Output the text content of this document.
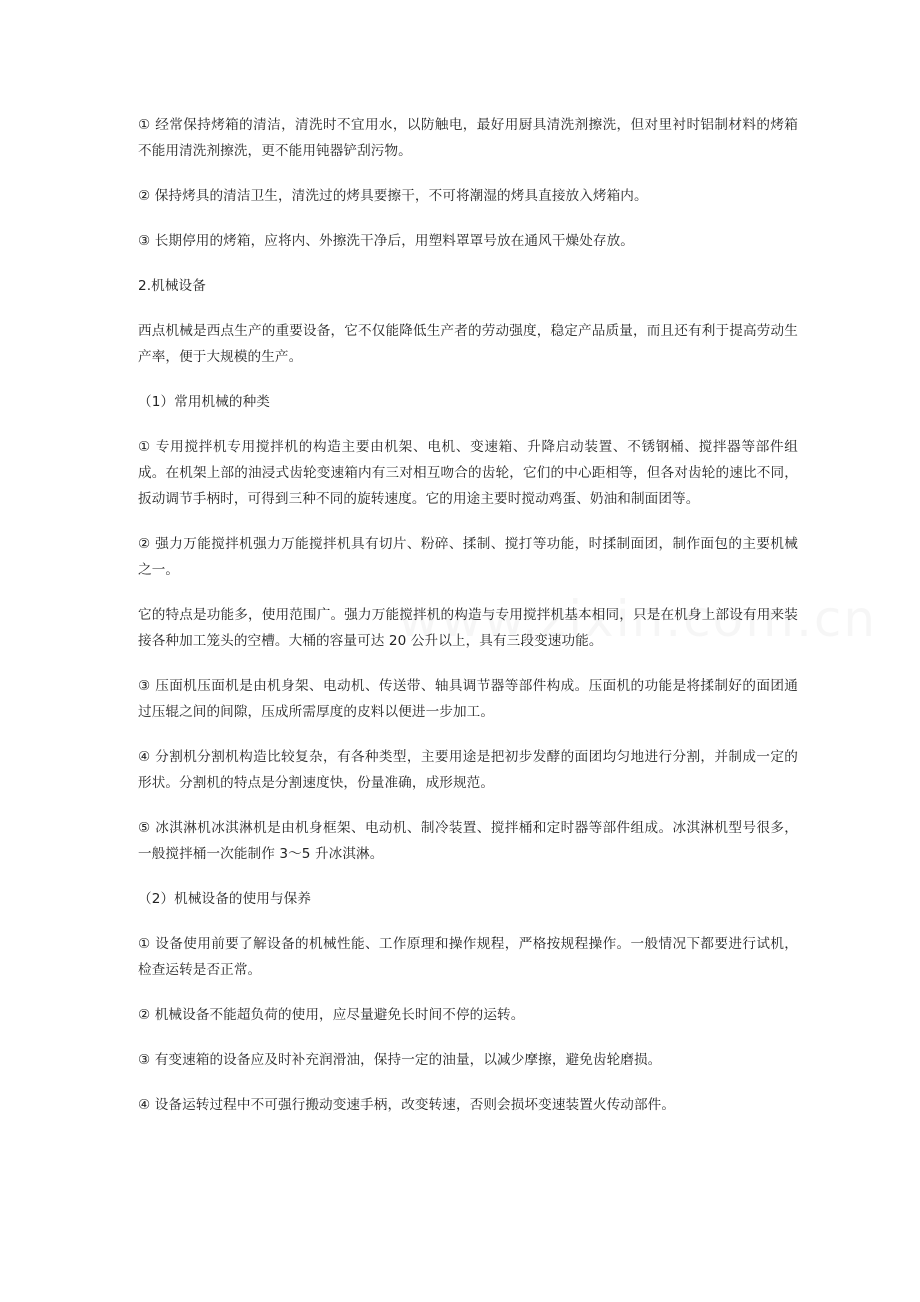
① 经常保持烤箱的清洁，清洗时不宜用水，以防触电，最好用厨具清洗剂擦洗，但对里衬时铝制材料的烤箱不能用清洗剂擦洗，更不能用钝器铲刮污物。

② 保持烤具的清洁卫生，清洗过的烤具要擦干，不可将潮湿的烤具直接放入烤箱内。

③ 长期停用的烤箱，应将内、外擦洗干净后，用塑料罩罩号放在通风干燥处存放。

2.机械设备

西点机械是西点生产的重要设备，它不仅能降低生产者的劳动强度，稳定产品质量，而且还有利于提高劳动生产率，便于大规模的生产。

（1）常用机械的种类

① 专用搅拌机专用搅拌机的构造主要由机架、电机、变速箱、升降启动装置、不锈钢桶、搅拌器等部件组成。在机架上部的油浸式齿轮变速箱内有三对相互吻合的齿轮，它们的中心距相等，但各对齿轮的速比不同，扳动调节手柄时，可得到三种不同的旋转速度。它的用途主要时搅动鸡蛋、奶油和制面团等。

② 强力万能搅拌机强力万能搅拌机具有切片、粉碎、揉制、搅打等功能，时揉制面团，制作面包的主要机械之一。

它的特点是功能多，使用范围广。强力万能搅拌机的构造与专用搅拌机基本相同，只是在机身上部设有用来装接各种加工笼头的空槽。大桶的容量可达 20 公升以上，具有三段变速功能。

③ 压面机压面机是由机身架、电动机、传送带、轴具调节器等部件构成。压面机的功能是将揉制好的面团通过压辊之间的间隙，压成所需厚度的皮料以便进一步加工。

④ 分割机分割机构造比较复杂，有各种类型，主要用途是把初步发酵的面团均匀地进行分割，并制成一定的形状。分割机的特点是分割速度快，份量准确，成形规范。

⑤ 冰淇淋机冰淇淋机是由机身框架、电动机、制冷装置、搅拌桶和定时器等部件组成。冰淇淋机型号很多，一般搅拌桶一次能制作 3～5 升冰淇淋。

（2）机械设备的使用与保养

① 设备使用前要了解设备的机械性能、工作原理和操作规程，严格按规程操作。一般情况下都要进行试机，检查运转是否正常。

② 机械设备不能超负荷的使用，应尽量避免长时间不停的运转。

③ 有变速箱的设备应及时补充润滑油，保持一定的油量，以减少摩擦，避免齿轮磨损。

④ 设备运转过程中不可强行搬动变速手柄，改变转速，否则会损坏变速装置火传动部件。
